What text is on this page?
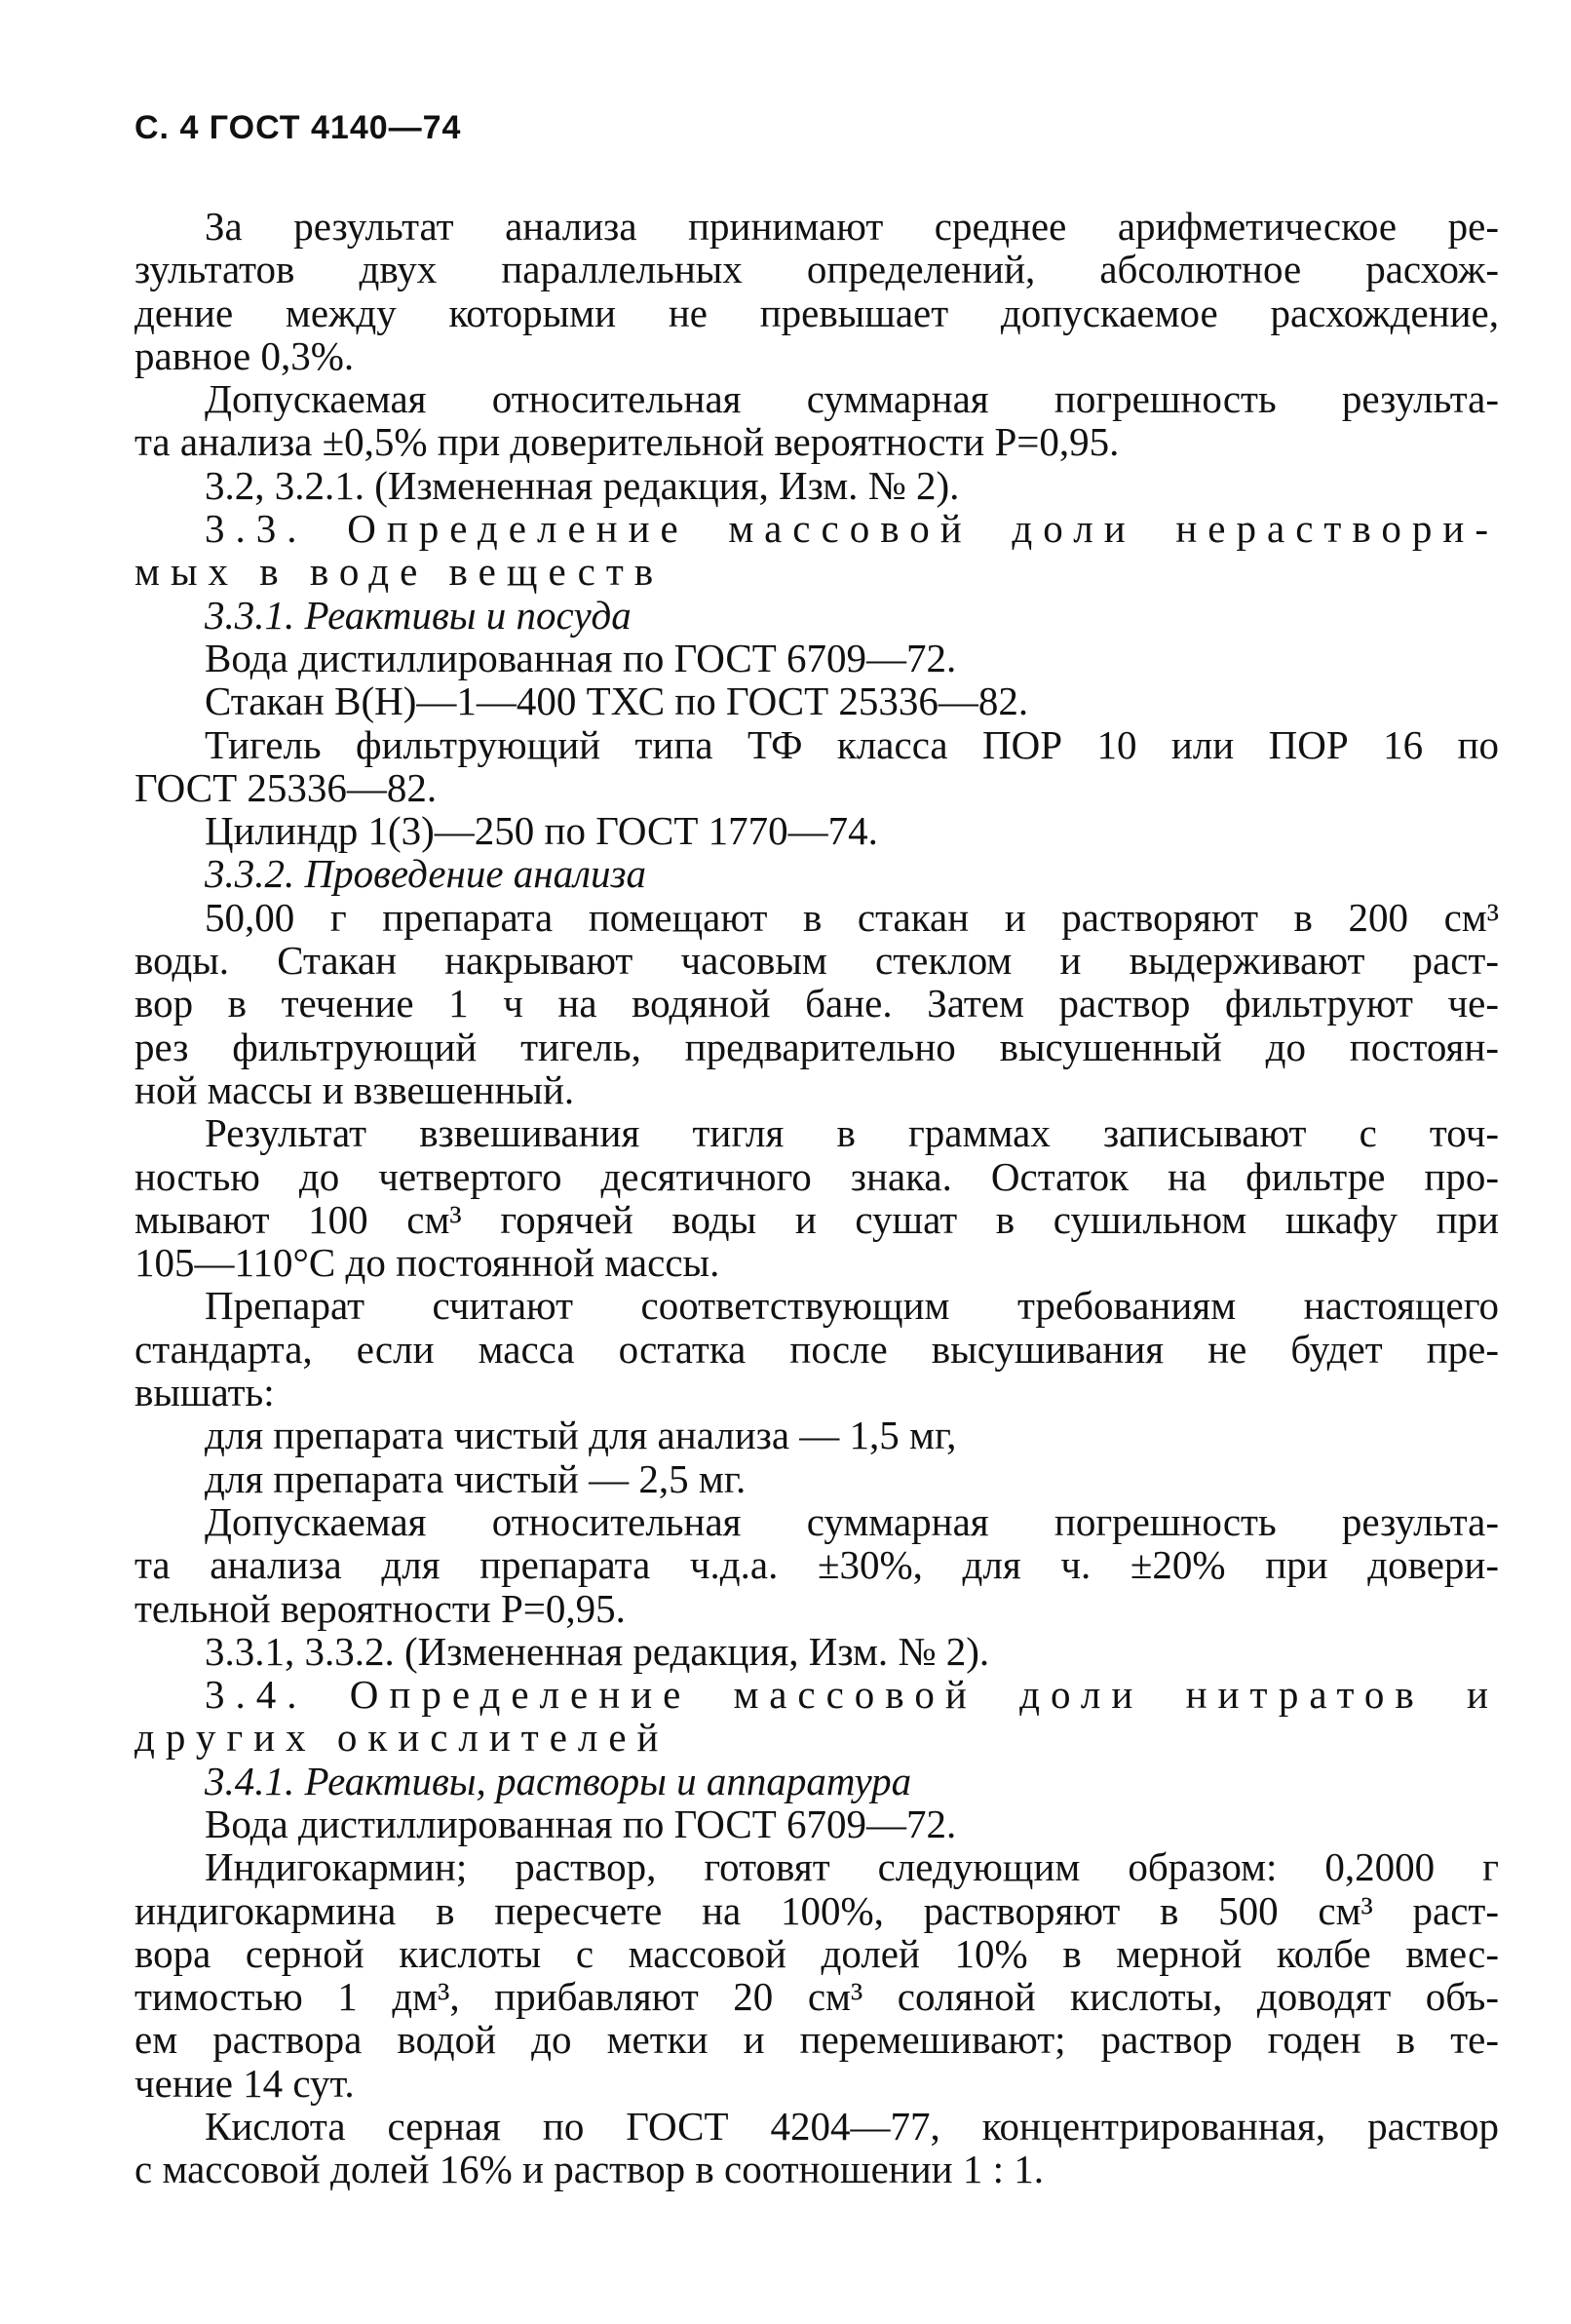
С. 4 ГОСТ 4140—74
За результат анализа принимают среднее арифметическое ре-
зультатов двух параллельных определений, абсолютное расхож-
дение между которыми не превышает допускаемое расхождение,
равное 0,3%.
Допускаемая относительная суммарная погрешность результа-
та анализа ±0,5% при доверительной вероятности P=0,95.
3.2, 3.2.1. (Измененная редакция, Изм. № 2).
3.3. Определение массовой доли нераствори-
мых в воде веществ
3.3.1. Реактивы и посуда
Вода дистиллированная по ГОСТ 6709—72.
Стакан В(Н)—1—400 ТХС по ГОСТ 25336—82.
Тигель фильтрующий типа ТФ класса ПОР 10 или ПОР 16 по
ГОСТ 25336—82.
Цилиндр 1(3)—250 по ГОСТ 1770—74.
3.3.2. Проведение анализа
50,00 г препарата помещают в стакан и растворяют в 200 см³
воды. Стакан накрывают часовым стеклом и выдерживают раст-
вор в течение 1 ч на водяной бане. Затем раствор фильтруют че-
рез фильтрующий тигель, предварительно высушенный до постоян-
ной массы и взвешенный.
Результат взвешивания тигля в граммах записывают с точ-
ностью до четвертого десятичного знака. Остаток на фильтре про-
мывают 100 см³ горячей воды и сушат в сушильном шкафу при
105—110°С до постоянной массы.
Препарат считают соответствующим требованиям настоящего
стандарта, если масса остатка после высушивания не будет пре-
вышать:
для препарата чистый для анализа — 1,5 мг,
для препарата чистый — 2,5 мг.
Допускаемая относительная суммарная погрешность результа-
та анализа для препарата ч.д.а. ±30%, для ч. ±20% при довери-
тельной вероятности P=0,95.
3.3.1, 3.3.2. (Измененная редакция, Изм. № 2).
3.4. Определение массовой доли нитратов и
других окислителей
3.4.1. Реактивы, растворы и аппаратура
Вода дистиллированная по ГОСТ 6709—72.
Индигокармин; раствор, готовят следующим образом: 0,2000 г
индигокармина в пересчете на 100%, растворяют в 500 см³ раст-
вора серной кислоты с массовой долей 10% в мерной колбе вмес-
тимостью 1 дм³, прибавляют 20 см³ соляной кислоты, доводят объ-
ем раствора водой до метки и перемешивают; раствор годен в те-
чение 14 сут.
Кислота серная по ГОСТ 4204—77, концентрированная, раствор
с массовой долей 16% и раствор в соотношении 1 : 1.
